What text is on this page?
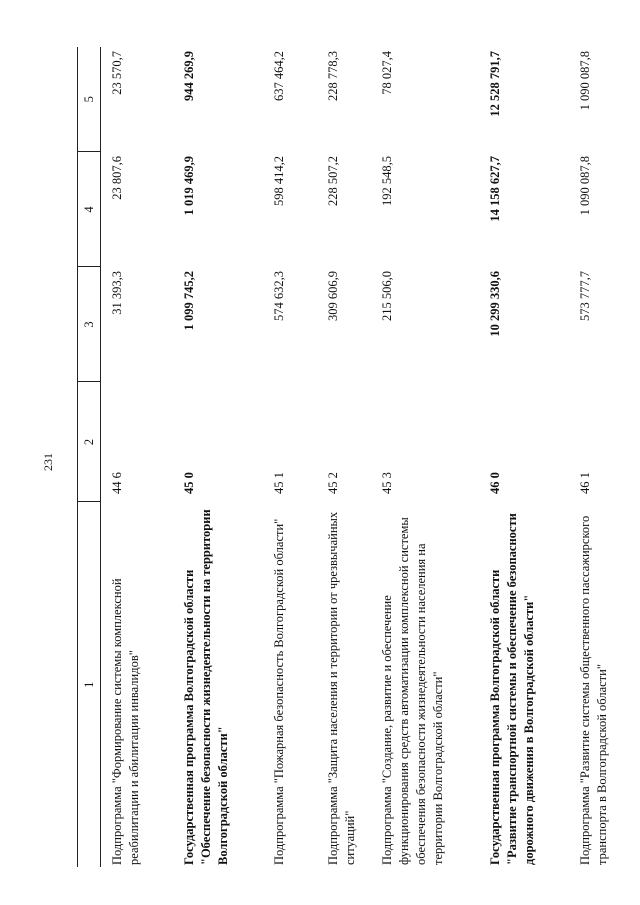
231
1	2	3	4	5
Подпрограмма "Формирование системы комплексной реабилитации и абилитации инвалидов"	44 6	31 393,3	23 807,6	23 570,7
Государственная программа Волгоградской области "Обеспечение безопасности жизнедеятельности на территории Волгоградской области"	45 0	1 099 745,2	1 019 469,9	944 269,9
Подпрограмма "Пожарная безопасность Волгоградской области"	45 1	574 632,3	598 414,2	637 464,2
Подпрограмма "Защита населения и территории от чрезвычайных ситуаций"	45 2	309 606,9	228 507,2	228 778,3
Подпрограмма "Создание, развитие и обеспечение функционирования средств автоматизации комплексной системы обеспечения безопасности жизнедеятельности населения на территории Волгоградской области"	45 3	215 506,0	192 548,5	78 027,4
Государственная программа Волгоградской области "Развитие транспортной системы и обеспечение безопасности дорожного движения в Волгоградской области"	46 0	10 299 330,6	14 158 627,7	12 528 791,7
Подпрограмма "Развитие системы общественного пассажирского транспорта в Волгоградской области"	46 1	573 777,7	1 090 087,8	1 090 087,8
